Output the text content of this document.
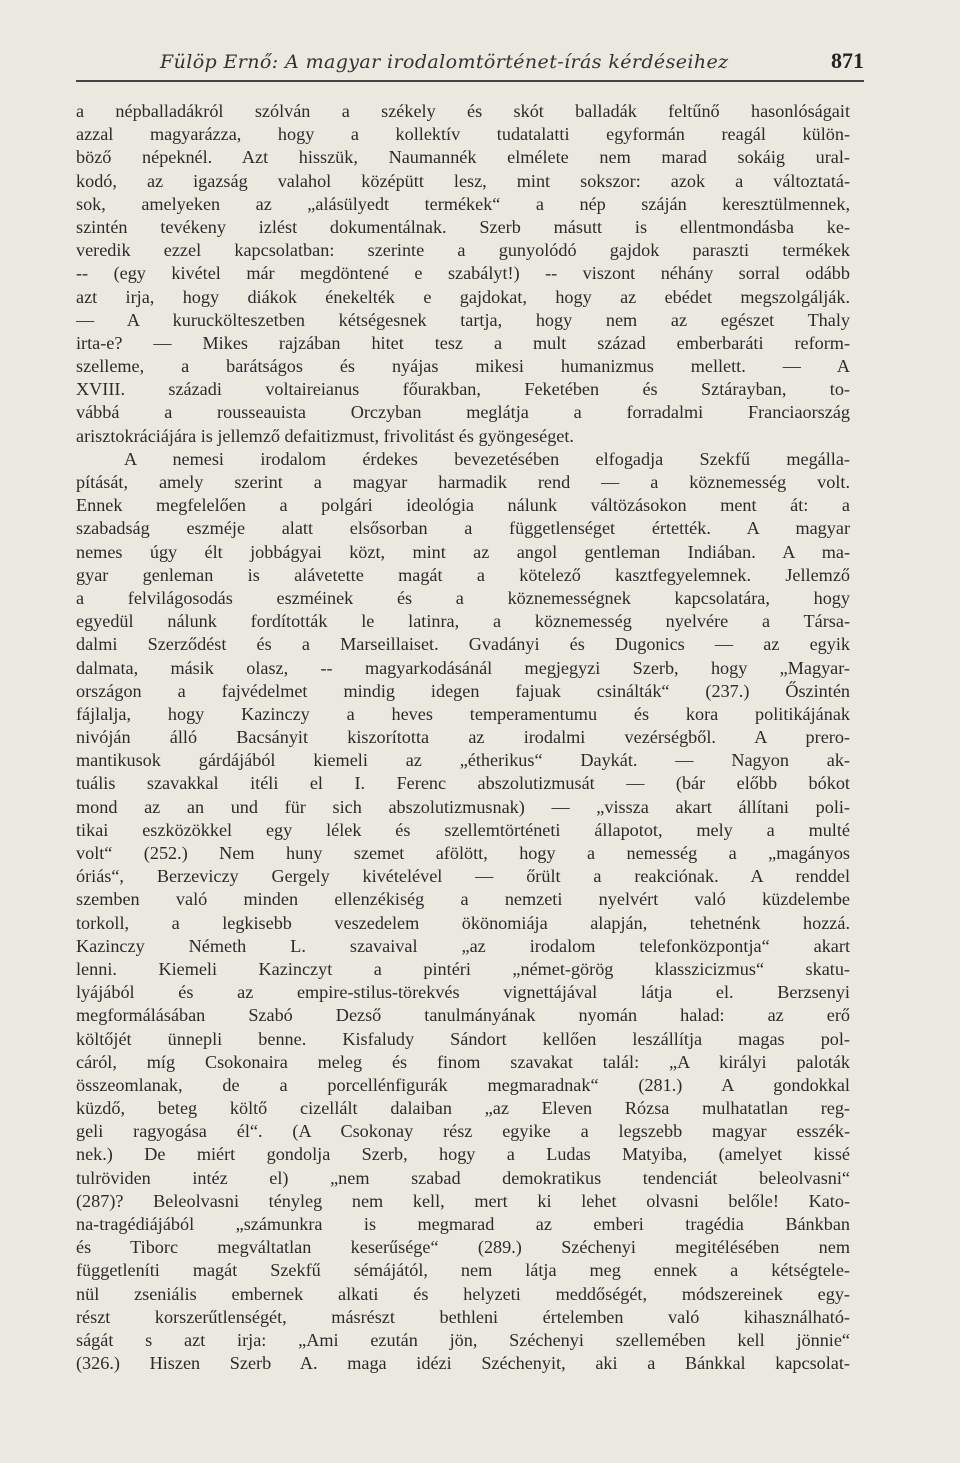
Fülöp Ernő: A magyar irodalomtörténet-írás kérdéseihez	871
a népballadákról szólván a székely és skót balladák feltűnő hasonlóságait
azzal magyarázza, hogy a kollektív tudatalatti egyformán reagál külön-
böző népeknél. Azt hisszük, Naumannék elmélete nem marad sokáig ural-
kodó, az igazság valahol középütt lesz, mint sokszor: azok a változtatá-
sok, amelyeken az „alásülyedt termékek“ a nép száján keresztülmennek,
szintén tevékeny izlést dokumentálnak. Szerb másutt is ellentmondásba ke-
veredik ezzel kapcsolatban: szerinte a gunyolódó gajdok paraszti termékek
-- (egy kivétel már megdöntené e szabályt!) -- viszont néhány sorral odább
azt irja, hogy diákok énekelték e gajdokat, hogy az ebédet megszolgálják.
— A kuruckölteszetben kétségesnek tartja, hogy nem az egészet Thaly
irta-e? — Mikes rajzában hitet tesz a mult század emberbaráti reform-
szelleme, a barátságos és nyájas mikesi humanizmus mellett. — A
XVIII. századi voltaireianus főurakban, Feketében és Sztárayban, to-
vábbá a rousseauista Orczyban meglátja a forradalmi Franciaország
arisztokráciájára is jellemző defaitizmust, frivolitást és gyöngeséget.
A nemesi irodalom érdekes bevezetésében elfogadja Szekfű megálla-
pítását, amely szerint a magyar harmadik rend — a köznemesség volt.
Ennek megfelelően a polgári ideológia nálunk váltözásokon ment át: a
szabadság eszméje alatt elsősorban a függetlenséget értették. A magyar
nemes úgy élt jobbágyai közt, mint az angol gentleman Indiában. A ma-
gyar genleman is alávetette magát a kötelező kasztfegyelemnek. Jellemző
a felvilágosodás eszméinek és a köznemességnek kapcsolatára, hogy
egyedül nálunk fordították le latinra, a köznemesség nyelvére a Társa-
dalmi Szerződést és a Marseillaiset. Gvadányi és Dugonics — az egyik
dalmata, másik olasz, -- magyarkodásánál megjegyzi Szerb, hogy „Magyar-
országon a fajvédelmet mindig idegen fajuak csinálták“ (237.) Őszintén
fájlalja, hogy Kazinczy a heves temperamentumu és kora politikájának
nivóján álló Bacsányit kiszorította az irodalmi vezérségből. A prero-
mantikusok gárdájából kiemeli az „étherikus“ Daykát. — Nagyon ak-
tuális szavakkal itéli el I. Ferenc abszolutizmusát — (bár előbb bókot
mond az an und für sich abszolutizmusnak) — „vissza akart állítani poli-
tikai eszközökkel egy lélek és szellemtörténeti állapotot, mely a multé
volt“ (252.) Nem huny szemet afölött, hogy a nemesség a „magányos
óriás“, Berzeviczy Gergely kivételével — őrült a reakciónak. A renddel
szemben való minden ellenzékiség a nemzeti nyelvért való küzdelembe
torkoll, a legkisebb veszedelem ökönomiája alapján, tehetnénk hozzá.
Kazinczy Németh L. szavaival „az irodalom telefonközpontja“ akart
lenni. Kiemeli Kazinczyt a pintéri „német-görög klasszicizmus“ skatu-
lyájából és az empire-stilus-törekvés vignettájával látja el. Berzsenyi
megformálásában Szabó Dezső tanulmányának nyomán halad: az erő
költőjét ünnepli benne. Kisfaludy Sándort kellően leszállítja magas pol-
cáról, míg Csokonaira meleg és finom szavakat talál: „A királyi paloták
összeomlanak, de a porcellénfigurák megmaradnak“ (281.) A gondokkal
küzdő, beteg költő cizellált dalaiban „az Eleven Rózsa mulhatatlan reg-
geli ragyogása él“. (A Csokonay rész egyike a legszebb magyar esszék-
nek.) De miért gondolja Szerb, hogy a Ludas Matyiba, (amelyet kissé
tulröviden intéz el) „nem szabad demokratikus tendenciát beleolvasni“
(287)? Beleolvasni tényleg nem kell, mert ki lehet olvasni belőle! Kato-
na-tragédiájából „számunkra is megmarad az emberi tragédia Bánkban
és Tiborc megváltatlan keserűsége“ (289.) Széchenyi megitélésében nem
függetleníti magát Szekfű sémájától, nem látja meg ennek a kétségtele-
nül zseniális embernek alkati és helyzeti meddőségét, módszereinek egy-
részt korszerűtlenségét, másrészt bethleni értelemben való kihasználható-
ságát s azt irja: „Ami ezután jön, Széchenyi szellemében kell jönnie“
(326.) Hiszen Szerb A. maga idézi Széchenyit, aki a Bánkkal kapcsolat-
